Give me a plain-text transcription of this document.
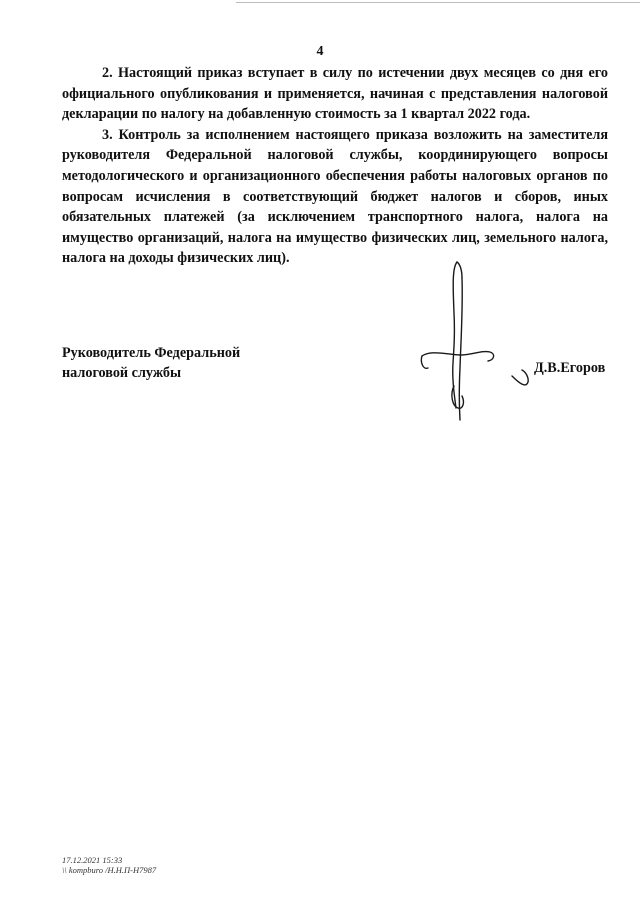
4

2. Настоящий приказ вступает в силу по истечении двух месяцев со дня его официального опубликования и применяется, начиная с представления налоговой декларации по налогу на добавленную стоимость за 1 квартал 2022 года.

3. Контроль за исполнением настоящего приказа возложить на заместителя руководителя Федеральной налоговой службы, координирующего вопросы методологического и организационного обеспечения работы налоговых органов по вопросам исчисления в соответствующий бюджет налогов и сборов, иных обязательных платежей (за исключением транспортного налога, налога на имущество организаций, налога на имущество физических лиц, земельного налога, налога на доходы физических лиц).

Руководитель Федеральной
налоговой службы	Д.В.Егоров
17.12.2021 15:33
\\ kompburo /Н.Н.П-Н7987
